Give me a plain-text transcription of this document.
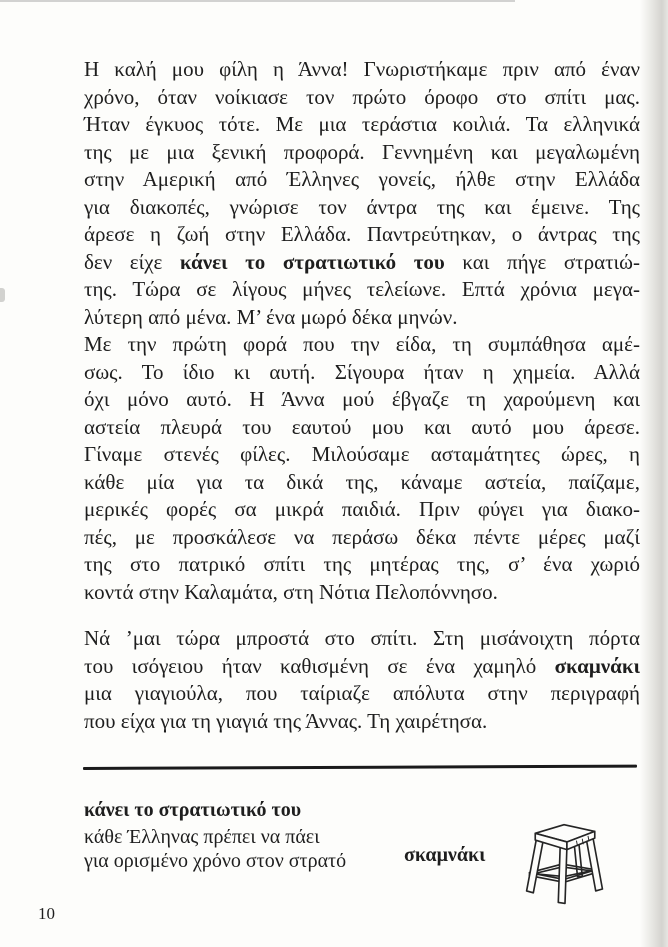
Η καλή μου φίλη η Άννα! Γνωριστήκαμε πριν από έναν
χρόνο, όταν νοίκιασε τον πρώτο όροφο στο σπίτι μας.
Ήταν έγκυος τότε. Με μια τεράστια κοιλιά. Τα ελληνικά
της με μια ξενική προφορά. Γεννημένη και μεγαλωμένη
στην Αμερική από Έλληνες γονείς, ήλθε στην Ελλάδα
για διακοπές, γνώρισε τον άντρα της και έμεινε. Της
άρεσε η ζωή στην Ελλάδα. Παντρεύτηκαν, ο άντρας της
δεν είχε κάνει το στρατιωτικό του και πήγε στρατιώ-
της. Τώρα σε λίγους μήνες τελείωνε. Επτά χρόνια μεγα-
λύτερη από μένα. Μ’ ένα μωρό δέκα μηνών.
Με την πρώτη φορά που την είδα, τη συμπάθησα αμέ-
σως. Το ίδιο κι αυτή. Σίγουρα ήταν η χημεία. Αλλά
όχι μόνο αυτό. Η Άννα μού έβγαζε τη χαρούμενη και
αστεία πλευρά του εαυτού μου και αυτό μου άρεσε.
Γίναμε στενές φίλες. Μιλούσαμε ασταμάτητες ώρες, η
κάθε μία για τα δικά της, κάναμε αστεία, παίζαμε,
μερικές φορές σα μικρά παιδιά. Πριν φύγει για διακο-
πές, με προσκάλεσε να περάσω δέκα πέντε μέρες μαζί
της στο πατρικό σπίτι της μητέρας της, σ’ ένα χωριό
κοντά στην Καλαμάτα, στη Νότια Πελοπόννησο.
Νά ’μαι τώρα μπροστά στο σπίτι. Στη μισάνοιχτη πόρτα
του ισόγειου ήταν καθισμένη σε ένα χαμηλό σκαμνάκι
μια γιαγιούλα, που ταίριαζε απόλυτα στην περιγραφή
που είχα για τη γιαγιά της Άννας. Τη χαιρέτησα.
κάνει το στρατιωτικό του
κάθε Έλληνας πρέπει να πάει
για ορισμένο χρόνο στον στρατό	σκαμνάκι
10
